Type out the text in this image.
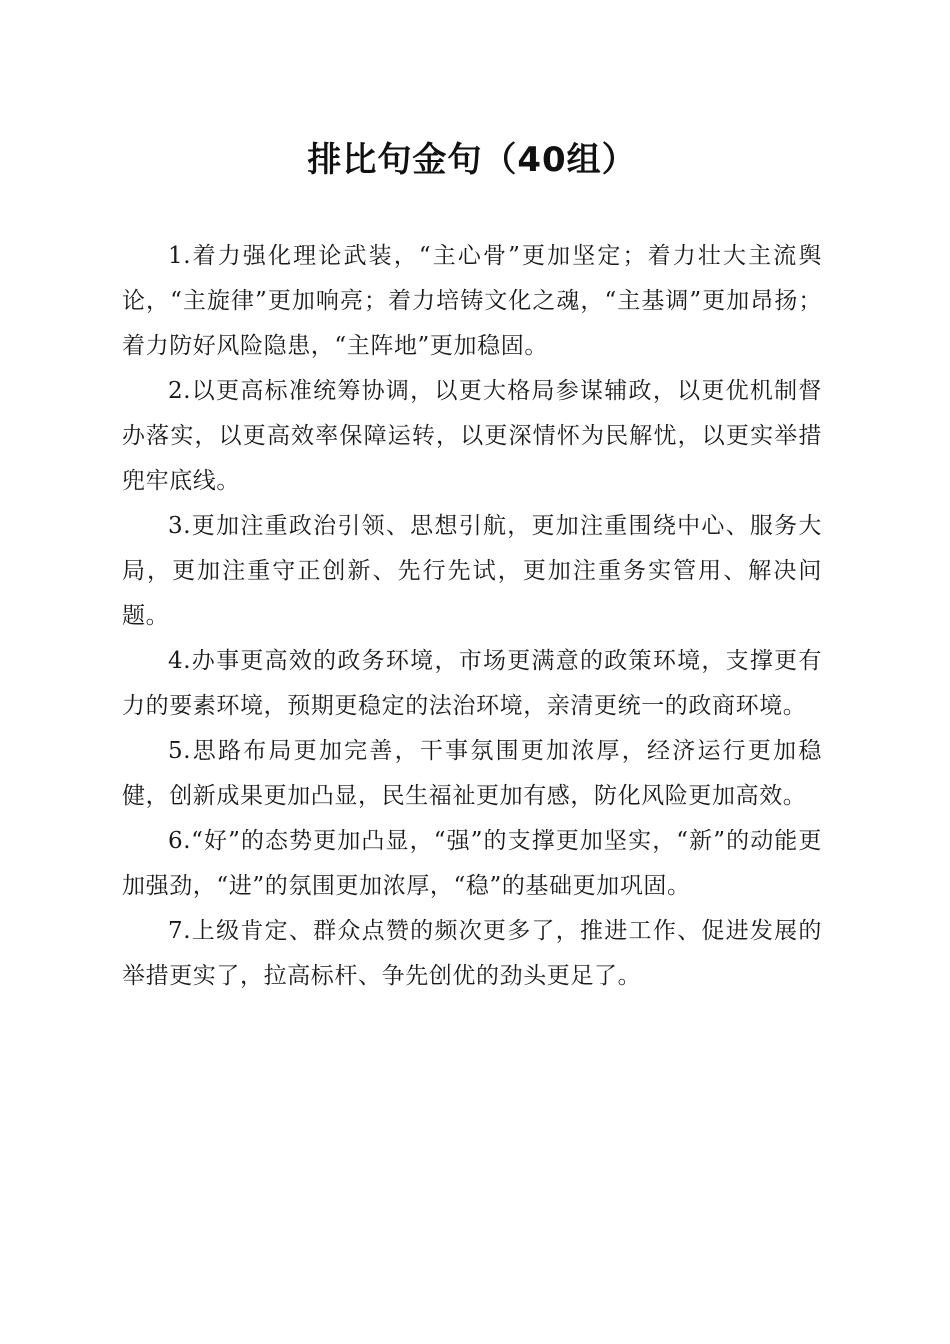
排比句金句（40组）

1.着力强化理论武装，“主心骨”更加坚定；着力壮大主流舆论，“主旋律”更加响亮；着力培铸文化之魂，“主基调”更加昂扬；着力防好风险隐患，“主阵地”更加稳固。

2.以更高标准统筹协调，以更大格局参谋辅政，以更优机制督办落实，以更高效率保障运转，以更深情怀为民解忧，以更实举措兜牢底线。

3.更加注重政治引领、思想引航，更加注重围绕中心、服务大局，更加注重守正创新、先行先试，更加注重务实管用、解决问题。

4.办事更高效的政务环境，市场更满意的政策环境，支撑更有力的要素环境，预期更稳定的法治环境，亲清更统一的政商环境。

5.思路布局更加完善，干事氛围更加浓厚，经济运行更加稳健，创新成果更加凸显，民生福祉更加有感，防化风险更加高效。

6.“好”的态势更加凸显，“强”的支撑更加坚实，“新”的动能更加强劲，“进”的氛围更加浓厚，“稳”的基础更加巩固。

7.上级肯定、群众点赞的频次更多了，推进工作、促进发展的举措更实了，拉高标杆、争先创优的劲头更足了。
